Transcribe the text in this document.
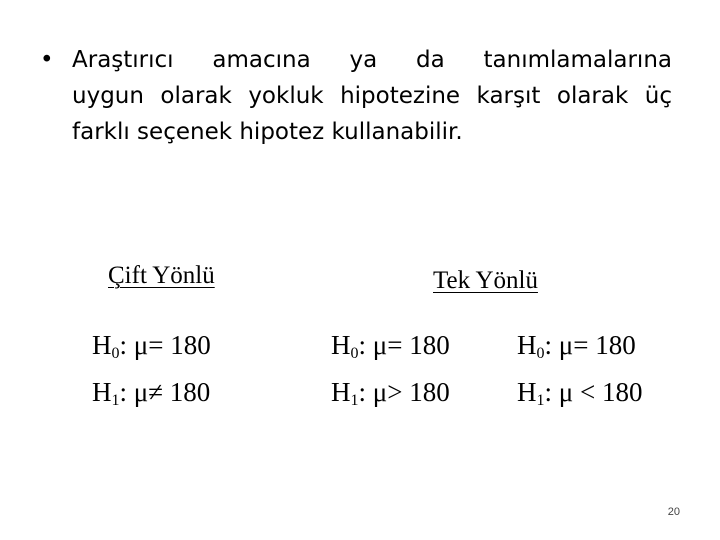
• Araştırıcı amacına ya da tanımlamalarına
uygun olarak yokluk hipotezine karşıt olarak üç
farklı seçenek hipotez kullanabilir.
Çift Yönlü	Tek Yönlü
$H_0$: μ= 180
$H_1$: μ≠ 180
$H_0$: μ= 180
$H_1$: μ> 180
$H_0$: μ= 180
$H_1$: μ < 180
20
